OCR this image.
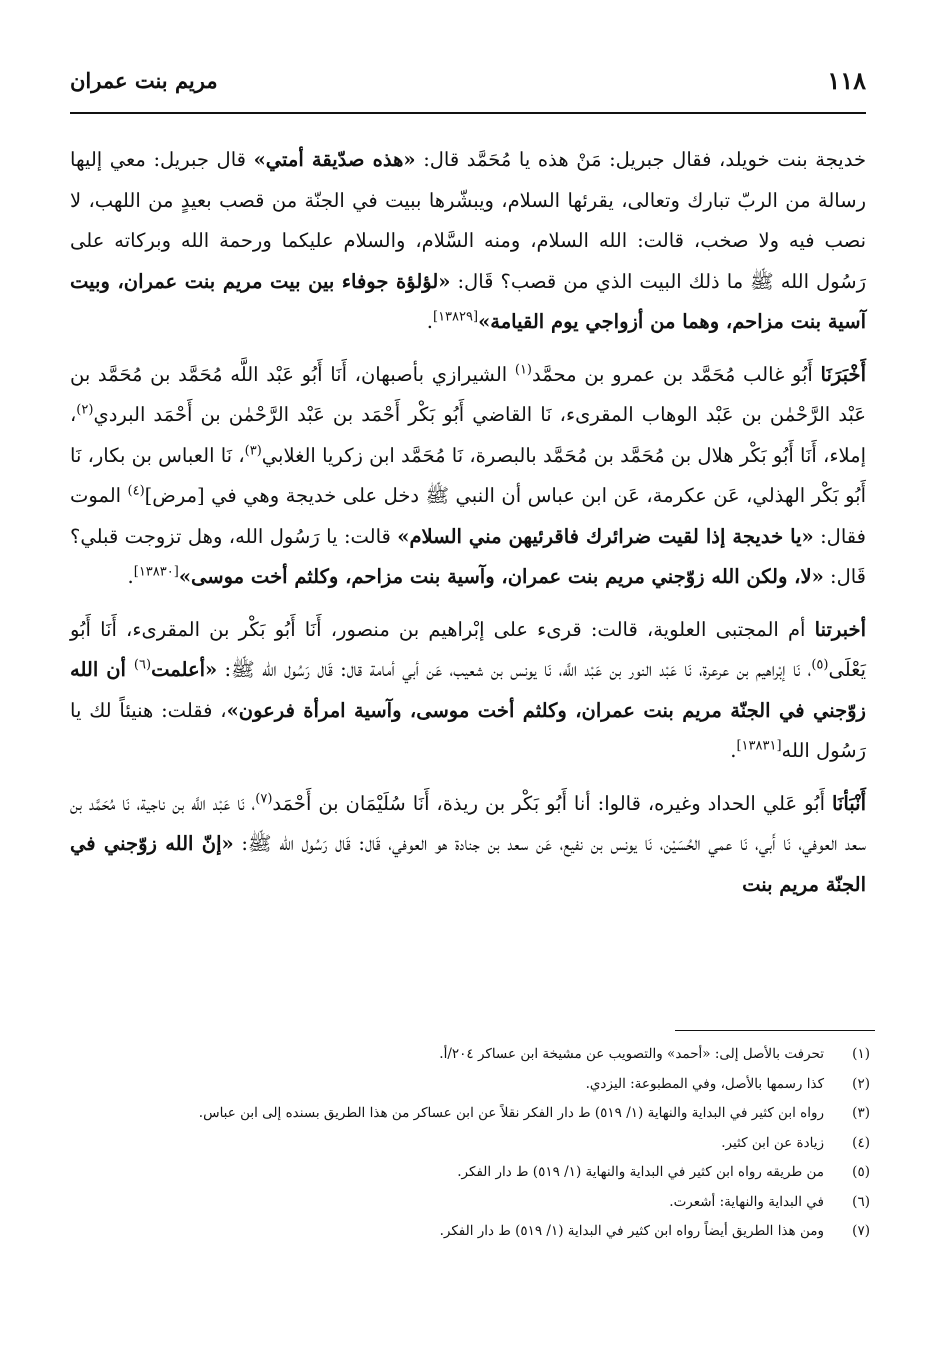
١١٨
مريم بنت عمران

خديجة بنت خويلد، فقال جبريل: مَنْ هذه يا مُحَمَّد قال: «هذه صدّيقة أمتي» قال جبريل: معي إليها رسالة من الربّ تبارك وتعالى، يقرئها السلام، ويبشّرها ببيت في الجنّة من قصب بعيدٍ من اللهب، لا نصب فيه ولا صخب، قالت: الله السلام، ومنه السَّلام، والسلام عليكما ورحمة الله وبركاته على رَسُول الله ﷺ ما ذلك البيت الذي من قصب؟ قَال: «لؤلؤة جوفاء بين بيت مريم بنت عمران، وبيت آسية بنت مزاحم، وهما من أزواجي يوم القيامة»[١٣٨٢٩].

أَخْبَرَنَا أَبُو غالب مُحَمَّد بن عمرو بن محمَّد$^{(١)}$ الشيرازي بأصبهان، أَنَا أَبُو عَبْد اللَّه مُحَمَّد بن مُحَمَّد بن عَبْد الرَّحْمٰن بن عَبْد الوهاب المقرىء، نَا القاضي أَبُو بَكْر أَحْمَد بن عَبْد الرَّحْمٰن بن أَحْمَد البردي$^{(٢)}$، إملاء، أَنَا أَبُو بَكْر هلال بن مُحَمَّد بن مُحَمَّد بالبصرة، نَا مُحَمَّد ابن زكريا الغلابي$^{(٣)}$، نَا العباس بن بكار، نَا أَبُو بَكْر الهذلي، عَن عكرمة، عَن ابن عباس أن النبي ﷺ دخل على خديجة وهي في [مرض]$^{(٤)}$ الموت فقال: «يا خديجة إذا لقيت ضرائرك فاقرئيهن مني السلام» قالت: يا رَسُول الله، وهل تزوجت قبلي؟ قَال: «لا، ولكن الله زوّجني مريم بنت عمران، وآسية بنت مزاحم، وكلثم أخت موسى»[١٣٨٣٠].

أخبرتنا أم المجتبى العلوية، قالت: قرىء على إبْراهيم بن منصور، أَنَا أَبُو بَكْر بن المقرىء، أَنَا أَبُو يَعْلَى$^{(٥)}$، نَا إبْراهيم بن عرعرة، نَا عَبْد النور بن عَبْد اللَّه، نَا يونس بن شعيب، عَن أبي أمامة قال: قَال رَسُول الله ﷺ: «أعلمت$^{(٦)}$ أن الله زوّجني في الجنّة مريم بنت عمران، وكلثم أخت موسى، وآسية امرأة فرعون»، فقلت: هنيئاً لك يا رَسُول الله[١٣٨٣١].

أَنْبَأنَا أَبُو عَلي الحداد وغيره، قالوا: أنا أَبُو بَكْر بن ريذة، أَنَا سُلَيْمَان بن أَحْمَد$^{(٧)}$، نَا عَبْد اللَّه بن ناجية، نَا مُحَمَّد بن سعد العوفي، نَا أَبي، نَا عمي الحُسَيْن، نَا يونس بن نفيع، عَن سعد بن جنادة هو العوفي، قَال: قَال رَسُول الله ﷺ: «إنّ الله زوّجني في الجنّة مريم بنت

(١)
تحرفت بالأصل إلى: «أحمد» والتصويب عن مشيخة ابن عساكر ٢٠٤/أ.
(٢)
كذا رسمها بالأصل، وفي المطبوعة: اليزدي.
(٣)
رواه ابن كثير في البداية والنهاية (١/ ٥١٩) ط دار الفكر نقلاً عن ابن عساكر من هذا الطريق بسنده إلى ابن عباس.
(٤)
زيادة عن ابن كثير.
(٥)
من طريقه رواه ابن كثير في البداية والنهاية (١/ ٥١٩) ط دار الفكر.
(٦)
في البداية والنهاية: أشعرت.
(٧)
ومن هذا الطريق أيضاً رواه ابن كثير في البداية (١/ ٥١٩) ط دار الفكر.
